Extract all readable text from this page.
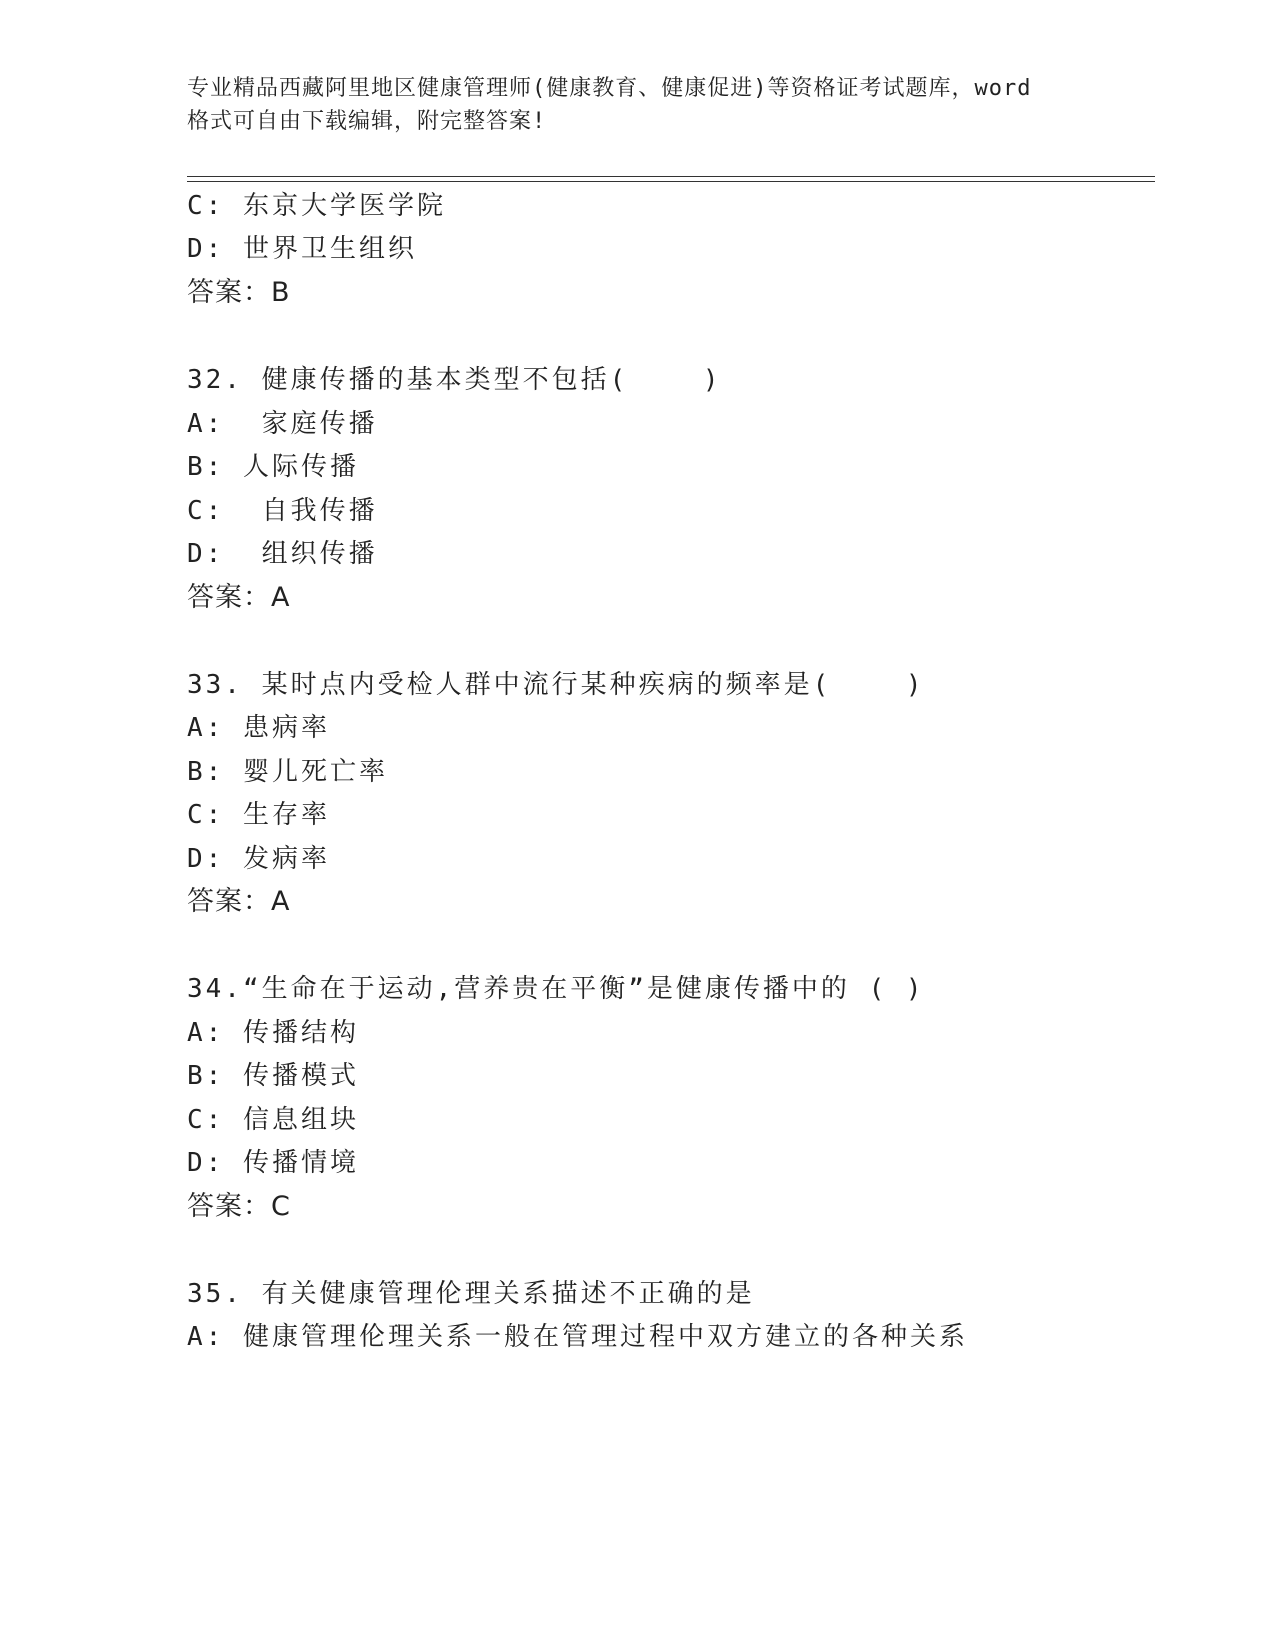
专业精品西藏阿里地区健康管理师(健康教育、健康促进)等资格证考试题库，word
格式可自由下载编辑，附完整答案!
C: 东京大学医学院
D: 世界卫生组织
答案：B
32. 健康传播的基本类型不包括(    )
A:  家庭传播
B: 人际传播
C:  自我传播
D:  组织传播
答案：A
33. 某时点内受检人群中流行某种疾病的频率是(    )
A: 患病率
B: 婴儿死亡率
C: 生存率
D: 发病率
答案：A
34.“生命在于运动,营养贵在平衡”是健康传播中的 ( )
A: 传播结构
B: 传播模式
C: 信息组块
D: 传播情境
答案：C
35. 有关健康管理伦理关系描述不正确的是
A: 健康管理伦理关系一般在管理过程中双方建立的各种关系
